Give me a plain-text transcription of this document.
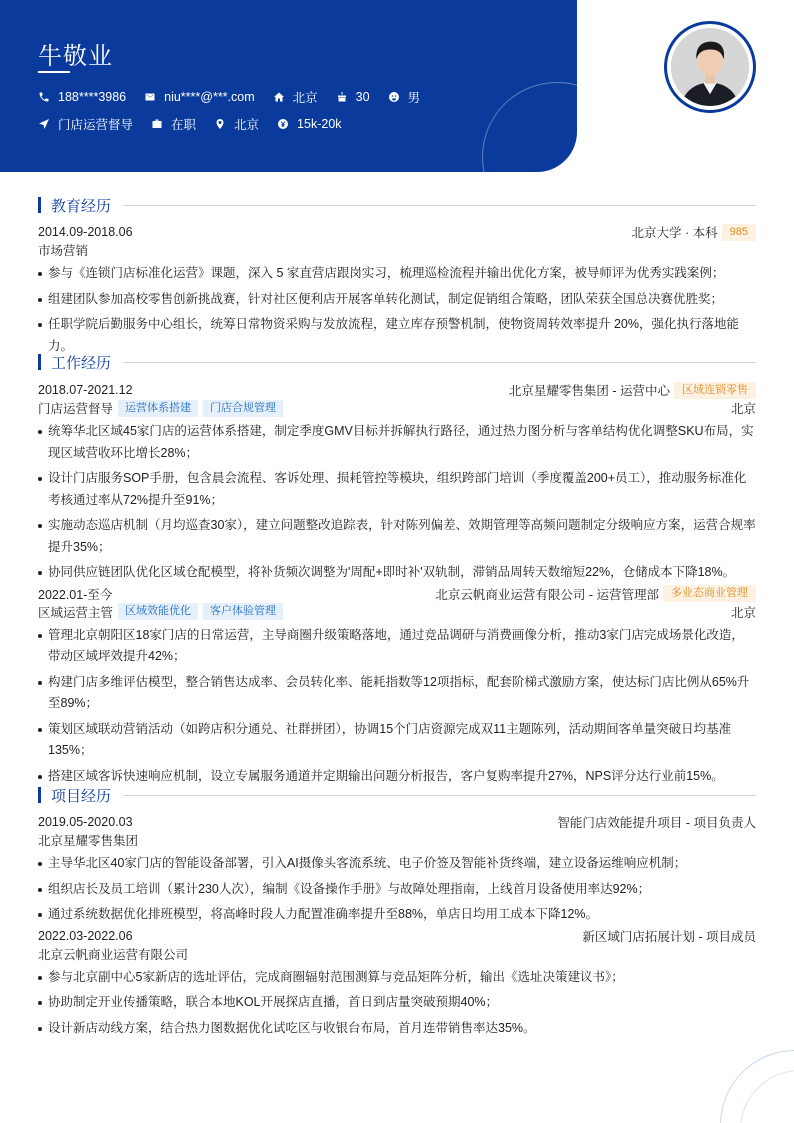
牛敬业
188****3986	niu****@***.com	北京	30	男
门店运营督导	在职	北京	15k-20k
教育经历
2014.09-2018.06	北京大学 · 本科	985
市场营销
参与《连锁门店标准化运营》课题，深入 5 家直营店跟岗实习，梳理巡检流程并输出优化方案，被导师评为优秀实践案例；
组建团队参加高校零售创新挑战赛，针对社区便利店开展客单转化测试，制定促销组合策略，团队荣获全国总决赛优胜奖；
任职学院后勤服务中心组长，统筹日常物资采购与发放流程，建立库存预警机制，使物资周转效率提升 20%，强化执行落地能力。
工作经历
2018.07-2021.12	北京星耀零售集团 - 运营中心	区域连锁零售
门店运营督导	运营体系搭建	门店合规管理	北京
统筹华北区域45家门店的运营体系搭建，制定季度GMV目标并拆解执行路径，通过热力图分析与客单结构优化调整SKU布局，实现区域营收环比增长28%；
设计门店服务SOP手册，包含晨会流程、客诉处理、损耗管控等模块，组织跨部门培训（季度覆盖200+员工），推动服务标准化考核通过率从72%提升至91%；
实施动态巡店机制（月均巡查30家），建立问题整改追踪表，针对陈列偏差、效期管理等高频问题制定分级响应方案，运营合规率提升35%；
协同供应链团队优化区域仓配模型，将补货频次调整为'周配+即时补'双轨制，滞销品周转天数缩短22%，仓储成本下降18%。
2022.01-至今	北京云帆商业运营有限公司 - 运营管理部	多业态商业管理
区域运营主管	区域效能优化	客户体验管理	北京
管理北京朝阳区18家门店的日常运营，主导商圈升级策略落地，通过竞品调研与消费画像分析，推动3家门店完成场景化改造，带动区域坪效提升42%；
构建门店多维评估模型，整合销售达成率、会员转化率、能耗指数等12项指标，配套阶梯式激励方案，使达标门店比例从65%升至89%；
策划区域联动营销活动（如跨店积分通兑、社群拼团），协调15个门店资源完成双11主题陈列，活动期间客单量突破日均基准135%；
搭建区域客诉快速响应机制，设立专属服务通道并定期输出问题分析报告，客户复购率提升27%，NPS评分达行业前15%。
项目经历
2019.05-2020.03	智能门店效能提升项目 - 项目负责人
北京星耀零售集团
主导华北区40家门店的智能设备部署，引入AI摄像头客流系统、电子价签及智能补货终端，建立设备运维响应机制；
组织店长及员工培训（累计230人次），编制《设备操作手册》与故障处理指南，上线首月设备使用率达92%；
通过系统数据优化排班模型，将高峰时段人力配置准确率提升至88%，单店日均用工成本下降12%。
2022.03-2022.06	新区域门店拓展计划 - 项目成员
北京云帆商业运营有限公司
参与北京副中心5家新店的选址评估，完成商圈辐射范围测算与竞品矩阵分析，输出《选址决策建议书》；
协助制定开业传播策略，联合本地KOL开展探店直播，首日到店量突破预期40%；
设计新店动线方案，结合热力图数据优化试吃区与收银台布局，首月连带销售率达35%。
